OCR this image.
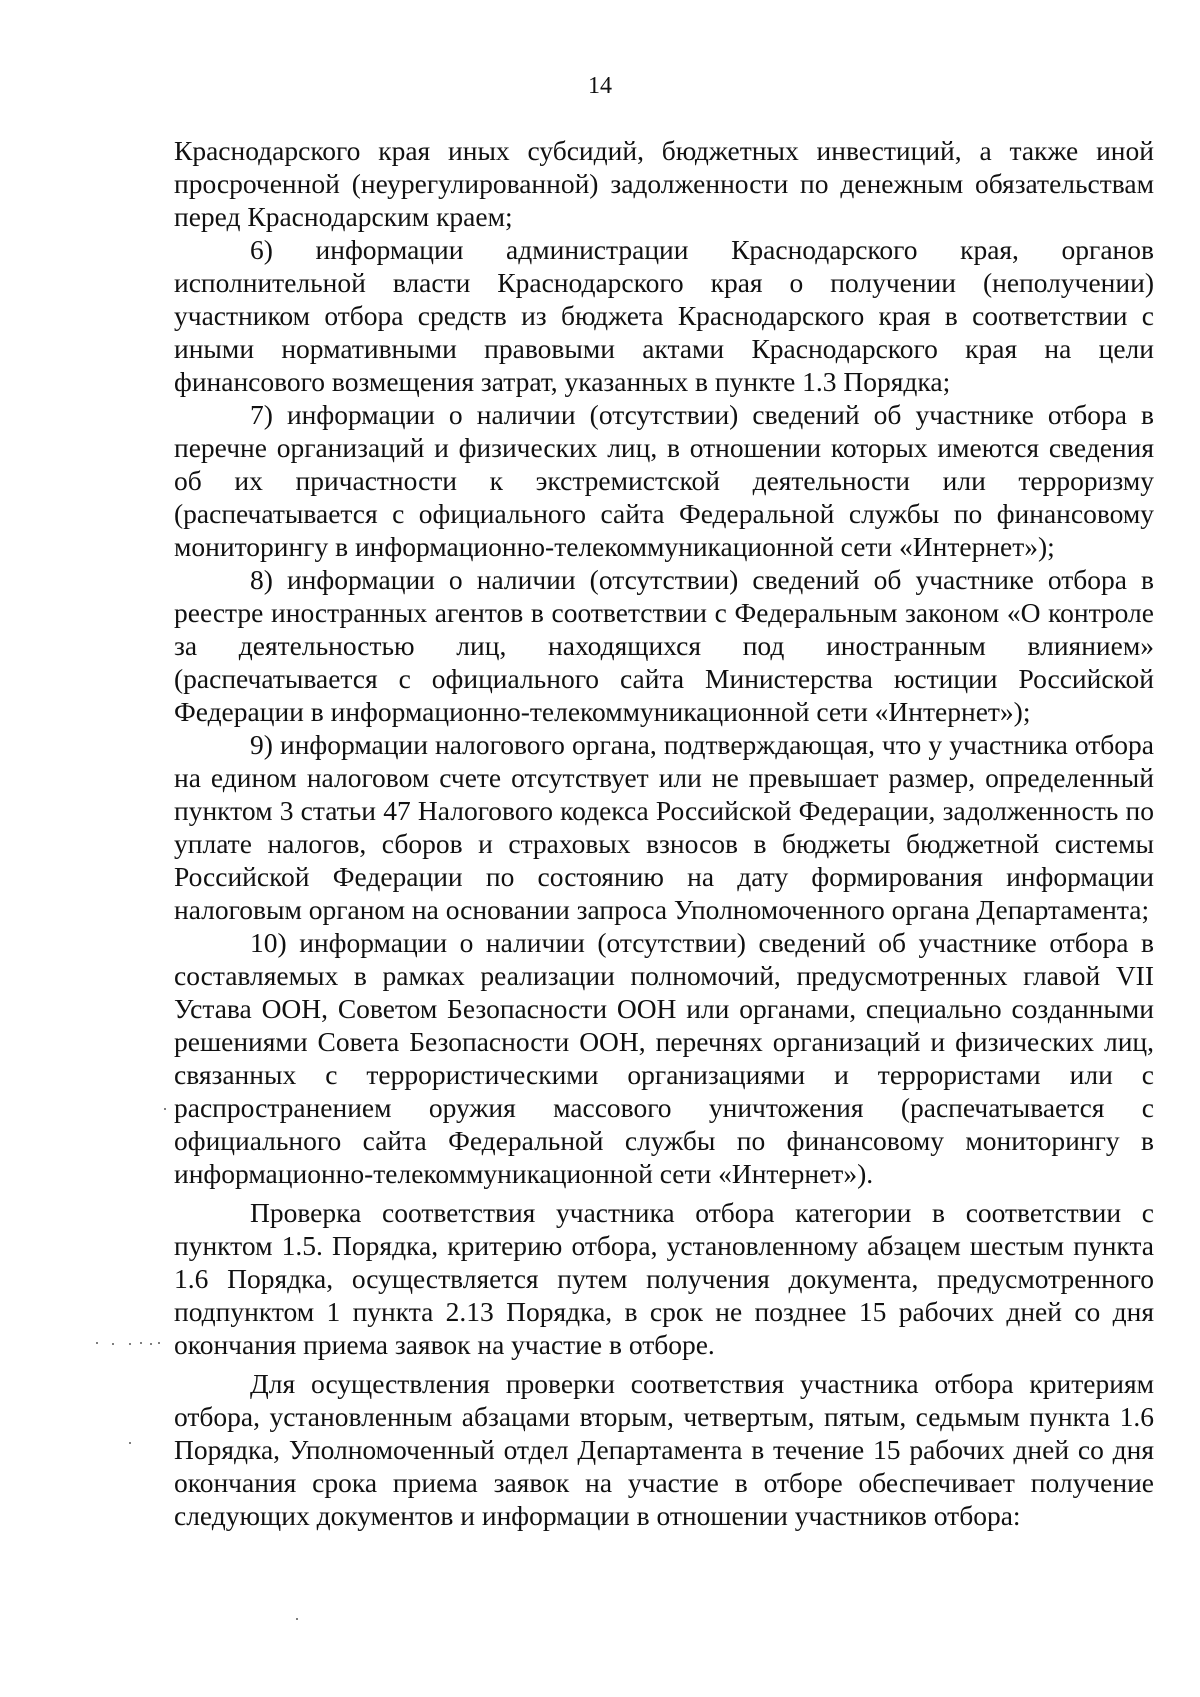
14

Краснодарского края иных субсидий, бюджетных инвестиций, а также иной просроченной (неурегулированной) задолженности по денежным обязательствам перед Краснодарским краем;

6) информации администрации Краснодарского края, органов исполнительной власти Краснодарского края о получении (неполучении) участником отбора средств из бюджета Краснодарского края в соответствии с иными нормативными правовыми актами Краснодарского края на цели финансового возмещения затрат, указанных в пункте 1.3 Порядка;

7) информации о наличии (отсутствии) сведений об участнике отбора в перечне организаций и физических лиц, в отношении которых имеются сведения об их причастности к экстремистской деятельности или терроризму (распечатывается с официального сайта Федеральной службы по финансовому мониторингу в информационно-телекоммуникационной сети «Интернет»);

8) информации о наличии (отсутствии) сведений об участнике отбора в реестре иностранных агентов в соответствии с Федеральным законом «О контроле за деятельностью лиц, находящихся под иностранным влиянием» (распечатывается с официального сайта Министерства юстиции Российской Федерации в информационно-телекоммуникационной сети «Интернет»);

9) информации налогового органа, подтверждающая, что у участника отбора на едином налоговом счете отсутствует или не превышает размер, определенный пунктом 3 статьи 47 Налогового кодекса Российской Федерации, задолженность по уплате налогов, сборов и страховых взносов в бюджеты бюджетной системы Российской Федерации по состоянию на дату формирования информации налоговым органом на основании запроса Уполномоченного органа Департамента;

10) информации о наличии (отсутствии) сведений об участнике отбора в составляемых в рамках реализации полномочий, предусмотренных главой VII Устава ООН, Советом Безопасности ООН или органами, специально созданными решениями Совета Безопасности ООН, перечнях организаций и физических лиц, связанных с террористическими организациями и террористами или с распространением оружия массового уничтожения (распечатывается с официального сайта Федеральной службы по финансовому мониторингу в информационно-телекоммуникационной сети «Интернет»).

Проверка соответствия участника отбора категории в соответствии с пунктом 1.5. Порядка, критерию отбора, установленному абзацем шестым пункта 1.6 Порядка, осуществляется путем получения документа, предусмотренного подпунктом 1 пункта 2.13 Порядка, в срок не позднее 15 рабочих дней со дня окончания приема заявок на участие в отборе.

Для осуществления проверки соответствия участника отбора критериям отбора, установленным абзацами вторым, четвертым, пятым, седьмым пункта 1.6 Порядка, Уполномоченный отдел Департамента в течение 15 рабочих дней со дня окончания срока приема заявок на участие в отборе обеспечивает получение следующих документов и информации в отношении участников отбора:
